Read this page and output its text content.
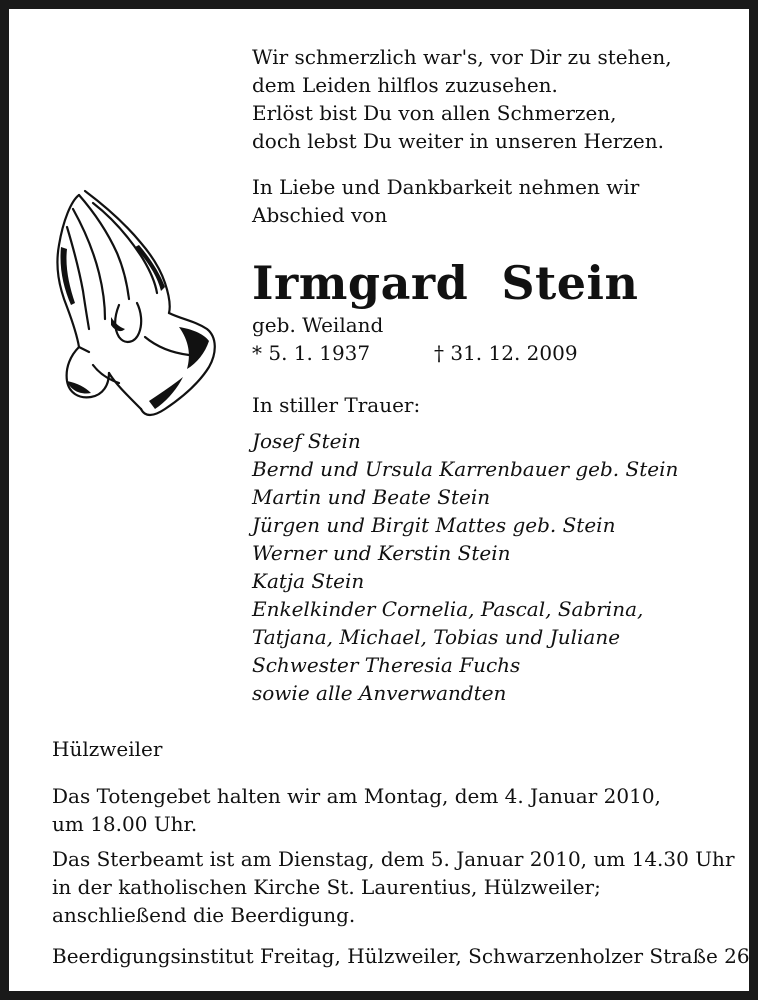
Wir schmerzlich war's, vor Dir zu stehen,
dem Leiden hilflos zuzusehen.
Erlöst bist Du von allen Schmerzen,
doch lebst Du weiter in unseren Herzen.
In Liebe und Dankbarkeit nehmen wir
Abschied von
Irmgard  Stein
geb. Weiland
* 5. 1. 1937	† 31. 12. 2009
In stiller Trauer:
Josef Stein
Bernd und Ursula Karrenbauer geb. Stein
Martin und Beate Stein
Jürgen und Birgit Mattes geb. Stein
Werner und Kerstin Stein
Katja Stein
Enkelkinder Cornelia, Pascal, Sabrina,
Tatjana, Michael, Tobias und Juliane
Schwester Theresia Fuchs
sowie alle Anverwandten
Hülzweiler
Das Totengebet halten wir am Montag, dem 4. Januar 2010,
um 18.00 Uhr.
Das Sterbeamt ist am Dienstag, dem 5. Januar 2010, um 14.30 Uhr
in der katholischen Kirche St. Laurentius, Hülzweiler;
anschließend die Beerdigung.
Beerdigungsinstitut Freitag, Hülzweiler, Schwarzenholzer Straße 26
